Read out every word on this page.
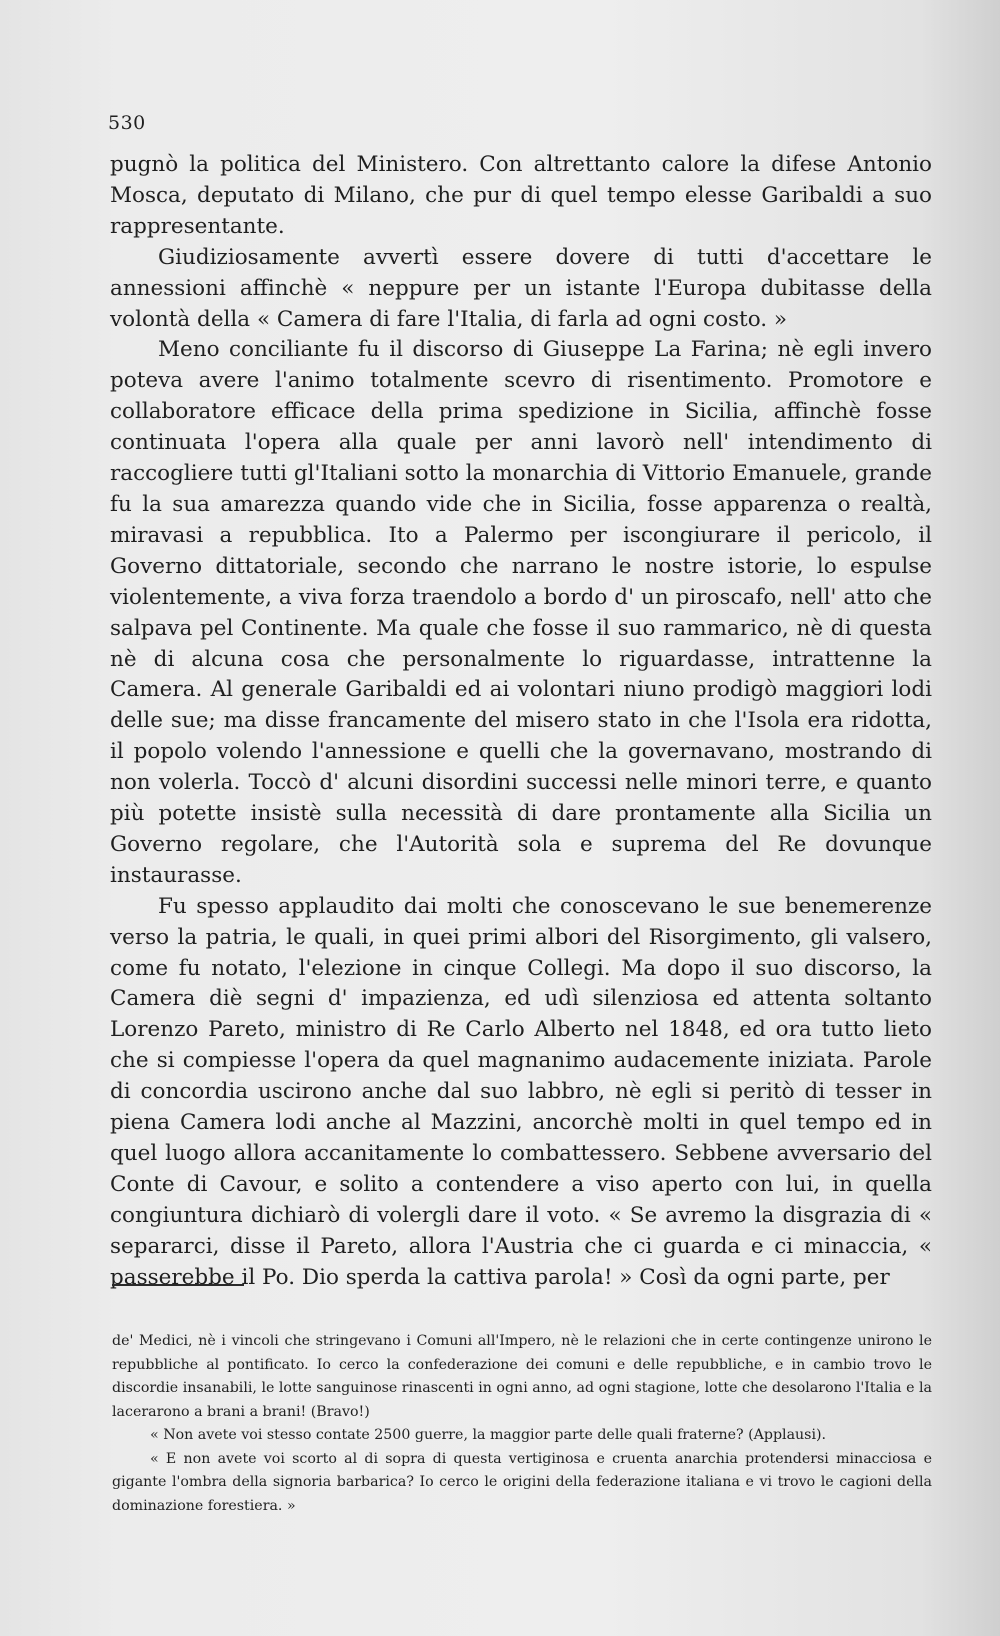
530

pugnò la politica del Ministero. Con altrettanto calore la difese Antonio Mosca, deputato di Milano, che pur di quel tempo elesse Garibaldi a suo rappresentante.

Giudiziosamente avvertì essere dovere di tutti d'accettare le annessioni affinchè « neppure per un istante l'Europa dubitasse della volontà della « Camera di fare l'Italia, di farla ad ogni costo. »

Meno conciliante fu il discorso di Giuseppe La Farina; nè egli invero poteva avere l'animo totalmente scevro di risentimento. Promotore e collaboratore efficace della prima spedizione in Sicilia, affinchè fosse continuata l'opera alla quale per anni lavorò nell' intendimento di raccogliere tutti gl'Italiani sotto la monarchia di Vittorio Emanuele, grande fu la sua amarezza quando vide che in Sicilia, fosse apparenza o realtà, miravasi a repubblica. Ito a Palermo per iscongiurare il pericolo, il Governo dittatoriale, secondo che narrano le nostre istorie, lo espulse violentemente, a viva forza traendolo a bordo d' un piroscafo, nell' atto che salpava pel Continente. Ma quale che fosse il suo rammarico, nè di questa nè di alcuna cosa che personalmente lo riguardasse, intrattenne la Camera. Al generale Garibaldi ed ai volontari niuno prodigò maggiori lodi delle sue; ma disse francamente del misero stato in che l'Isola era ridotta, il popolo volendo l'annessione e quelli che la governavano, mostrando di non volerla. Toccò d' alcuni disordini successi nelle minori terre, e quanto più potette insistè sulla necessità di dare prontamente alla Sicilia un Governo regolare, che l'Autorità sola e suprema del Re dovunque instaurasse.

Fu spesso applaudito dai molti che conoscevano le sue benemerenze verso la patria, le quali, in quei primi albori del Risorgimento, gli valsero, come fu notato, l'elezione in cinque Collegi. Ma dopo il suo discorso, la Camera diè segni d' impazienza, ed udì silenziosa ed attenta soltanto Lorenzo Pareto, ministro di Re Carlo Alberto nel 1848, ed ora tutto lieto che si compiesse l'opera da quel magnanimo audacemente iniziata. Parole di concordia uscirono anche dal suo labbro, nè egli si peritò di tesser in piena Camera lodi anche al Mazzini, ancorchè molti in quel tempo ed in quel luogo allora accanitamente lo combattessero. Sebbene avversario del Conte di Cavour, e solito a contendere a viso aperto con lui, in quella congiuntura dichiarò di volergli dare il voto. « Se avremo la disgrazia di « separarci, disse il Pareto, allora l'Austria che ci guarda e ci minaccia, « passerebbe il Po. Dio sperda la cattiva parola! » Così da ogni parte, per

de' Medici, nè i vincoli che stringevano i Comuni all'Impero, nè le relazioni che in certe contingenze unirono le repubbliche al pontificato. Io cerco la confederazione dei comuni e delle repubbliche, e in cambio trovo le discordie insanabili, le lotte sanguinose rinascenti in ogni anno, ad ogni stagione, lotte che desolarono l'Italia e la lacerarono a brani a brani! (Bravo!)

« Non avete voi stesso contate 2500 guerre, la maggior parte delle quali fraterne? (Applausi).

« E non avete voi scorto al di sopra di questa vertiginosa e cruenta anarchia protendersi minacciosa e gigante l'ombra della signoria barbarica? Io cerco le origini della federazione italiana e vi trovo le cagioni della dominazione forestiera. »
